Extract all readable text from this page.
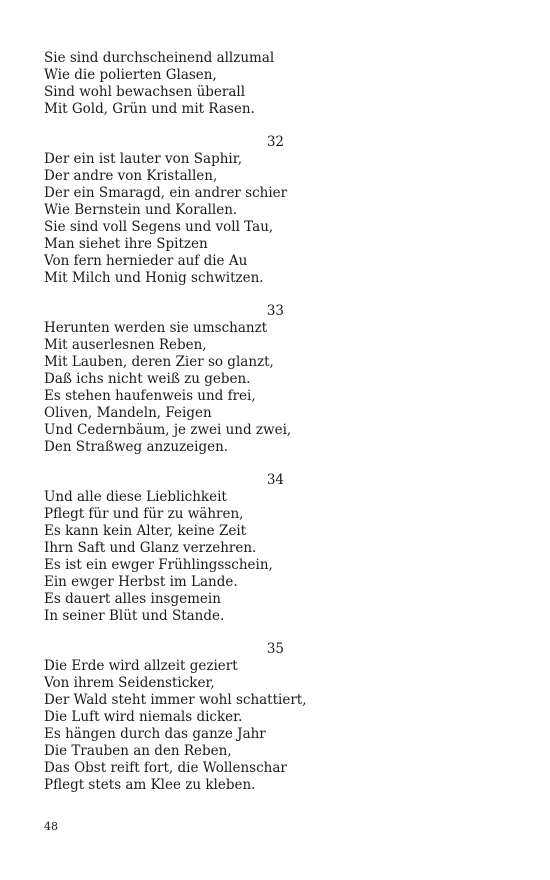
Sie sind durchscheinend allzumal
Wie die polierten Glasen,
Sind wohl bewachsen überall
Mit Gold, Grün und mit Rasen.
32
Der ein ist lauter von Saphir,
Der andre von Kristallen,
Der ein Smaragd, ein andrer schier
Wie Bernstein und Korallen.
Sie sind voll Segens und voll Tau,
Man siehet ihre Spitzen
Von fern hernieder auf die Au
Mit Milch und Honig schwitzen.
33
Herunten werden sie umschanzt
Mit auserlesnen Reben,
Mit Lauben, deren Zier so glanzt,
Daß ichs nicht weiß zu geben.
Es stehen haufenweis und frei,
Oliven, Mandeln, Feigen
Und Cedernbäum, je zwei und zwei,
Den Straßweg anzuzeigen.
34
Und alle diese Lieblichkeit
Pflegt für und für zu währen,
Es kann kein Alter, keine Zeit
Ihrn Saft und Glanz verzehren.
Es ist ein ewger Frühlingsschein,
Ein ewger Herbst im Lande.
Es dauert alles insgemein
In seiner Blüt und Stande.
35
Die Erde wird allzeit geziert
Von ihrem Seidensticker,
Der Wald steht immer wohl schattiert,
Die Luft wird niemals dicker.
Es hängen durch das ganze Jahr
Die Trauben an den Reben,
Das Obst reift fort, die Wollenschar
Pflegt stets am Klee zu kleben.
48
